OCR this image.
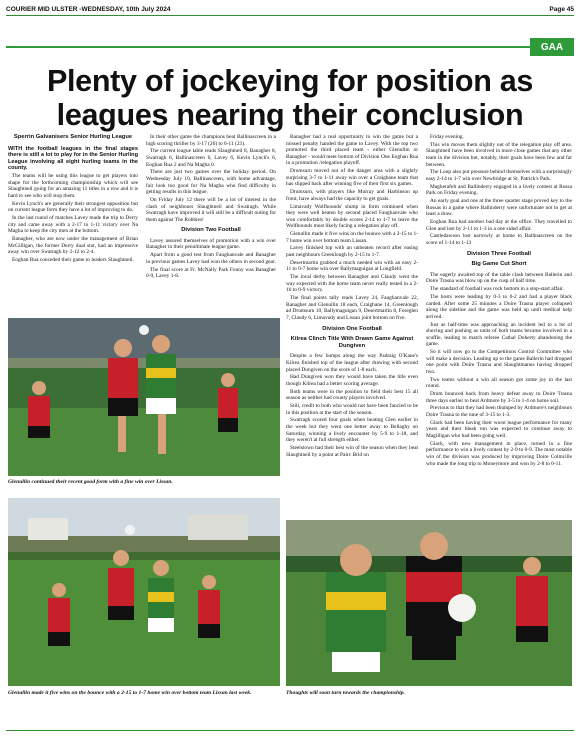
COURIER MID ULSTER -WEDNESDAY, 10th July 2024	Page 45
GAA
Plenty of jockeying for position as leagues nearing their conclusion
Sperrin Galvanisers Senior Hurling League

WITH the football leagues in the final stages there is still a lot to play for in the Senior Hurling League involving all eight hurling teams in the county.

The teams will be using this league to get players into shape for the forthcoming championship which will see Slaughtneil going for an amazing 11 titles in a row and it is hard to see who will stop them.

Kevin Lynch's are generally their strongest opposition but on current league form they have a lot of improving to do.

In the last round of matches Lavey made the trip to Derry city and came away with a 2-17 to 1-11 victory over Na Magha to keep the city men at the bottom.

Banagher, who are now under the management of Brian McGilligan, the former Derry dual star, had an impressive away win over Swatragh by 2-12 to 2-4.

Eoghan Rua conceded their game to leaders Slaughtneil.

In their other game the champions beat Ballinascreen in a high scoring thriller by 3-17 (26) to 6-11 (23).

The current league table reads Slaughtneil 8, Banagher 8, Swatragh 6, Ballinascreen 6, Lavey 6, Kevin Lynch's 6, Eoghan Rua 2 and Na Magha 0.

There are just two games over the holiday period. On Wednesday July 10, Ballinascreen, with home advantage, fair look too good for Na Magha who find difficulty in getting results in this league.

On Friday July 12 there will be a lot of interest in the clash of neighbours Slaughtneil and Swatragh. While Swatragh have improved it will still be a difficult outing for them against The Robbies!

Division Two Football

Lavey assured themselves of promotion with a win over Banagher in their penultimate league game.

Apart from a good test from Faughanvale and Banagher in previous games Lavey had won the others in second gear.

The final score at Fr. McNally Park Founy was Banagher 0-9, Lavey 1-8.

Banagher had a real opportunity to win the game but a missed penalty handed the game to Lavey. With the top two promoted the third placed team - either Glenullin or Banagher - would meet bottom of Division One Eoghan Rua in a promotion /relegation playoff.

Drumsurn moved out of the danger area with a slightly surprising 3-7 to 1-11 away win over a Craigbane team that has slipped back after winning five of their first six games.

Drumsurn, with players like Murray and Harbinson up front, have always had the capacity to get goals.

Limavady Wolfhounds' slump in form continued when they were well beaten by second placed Faughanvale who won comfortably by double scores 2-14 to 1-7 to leave the Wolfhounds most likely facing a relegation play off.

Glenullin made it five wins on the bounce with a 2-15 to 1-7 home win over bottom team Lissan.

Lavey finished top with an unbeaten record after easing past neighbours Greenlough by 2-15 to 1-7.

Desertmartin grabbed a much needed win with an easy 2-11 to 0-7 home win over Ballymaguigan at Longfield.

The local derby between Banagher and Claudy went the way expected with the home team never really tested in a 2-16 to 0-9 victory.

The final points tally reads Lavey 24, Faughanvale 22, Banagher and Glenullin 18 each, Craigbane 14, Greenlough ad Drumsurn 10, Ballymaguigan 9, Desertmartin 8, Foreglen 7, Claudy 6, Limavady and Lissan joint bottom on five.

Division One Football
Kilrea Clinch Title With Drawn Game Against Dungiven

Despite a few bumps along the way Padraig O'Kane's Kilrea finished top of the league after drawing with second placed Dungiven on the score of 1-8 each.

Had Dungiven won they would have taken the title even though Kilrea had a better scoring average.

Both teams were in the position to field their best 15 all season as neither had county players involved.

Still, credit to both who would not have been fancied to be in this position at the start of the season.

Swatragh scored four goals when beating Glen earlier in the week but they went one better away to Bellaghy on Saturday, winning a lively encounter by 5-9 to 1-18, and they weren't at full strength either.

Steelstown had their best win of the season when they beat Slaughtneil by a point at Pairc Brid on

Friday evening.

This win moves them slightly out of the relegation play off area. Slaughtneil have been involved in more close games that any other team in the division but, notably, their goals have been few and far between.

The Loup also put pressure behind themselves with a surprisingly easy 2-14 to 1-7 win over Newbridge at St. Patrick's Park.

Magherafelt and Ballinderry engaged in a lively contest at Rossa Park on Friday evening.

An early goal and one at the three quarter stage proved key to the Rossas in a game where Ballinderry were unfortunate not to get at least a draw.

Eoghan Rua had another bad day at the office. They travelled to Glen and lost by 2-11 to 1-3 in a one sided affair.

Castledawson lost narrowly at home to Ballinascreen on the score of 1-14 to 1-13

Division Three Football
Big Game Cut Short

The eagerly awaited top of the table clash between Ballerin and Doire Trasna was blow up on the cusp of half time.

The standard of football was rock bottom in a stop-start affair.

The hosts were leading by 0-3 to 0-2 and had a player black carded. After some 25 minutes a Doire Trasna player collapsed along the sideline and the game was held up until medical help arrived.

Just as half-time was approaching an incident led to a lot of shoving and pushing as units of both teams became involved in a scuffle, leading to match referee Cathal Doherty abandoning the game.

So it will now go to the Competitions Control Committee who will make a decision. Leading up to the game Ballerin had dropped one point with Doire Trasna and Slaughtmanus having dropped two.

Two teams without a win all season got some joy in the last round.

Drum bounced back from heavy defeat away to Doire Trasna three days earlier to beat Ardmore by 3-5 to 1-4 on home soil.

Previous to that they had been thumped by Ardmore's neighbours Doire Trasna to the tune of 3-15 to 1-3.

Glack had been having their worst league performance for many years and their bleak run was expected to continue away to Magilligan who had been going well.

Glack, with new management in place, turned in a fine performance to win a lively contest by 2-9 to 0-9. The most notable win of the division was produced by improving Doire Colmcille who made the long trip to Moneymore and won by 2-8 to 0-11.

Glenullin continued their recent good form with a fine win over Lissan.
Glenullin made it five wins on the bounce with a 2-15 to 1-7 home win over bottom team Lissan last week.	Thoughts will soon turn towards the championship.
